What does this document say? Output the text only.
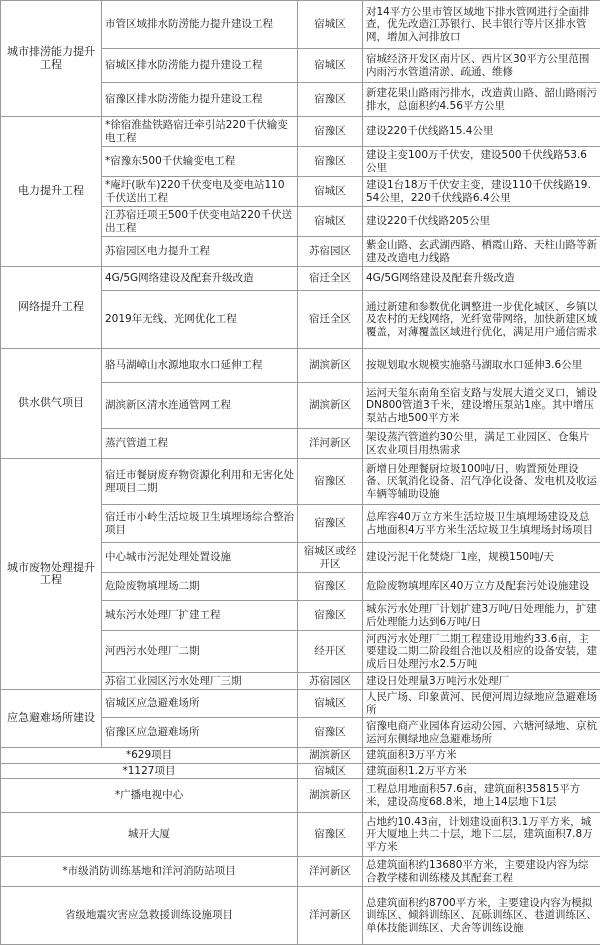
城市排涝能力提升工程	市管区域排水防涝能力提升建设工程	宿城区	对14平方公里市管区域地下排水管网进行全面排查，优先改造江苏银行、民丰银行等片区排水管网，增加入河排放口
	宿城区排水防涝能力提升建设工程	宿城区	宿城经济开发区南片区、西片区30平方公里范围内雨污水管道清淤、疏通、维修
	宿豫区排水防涝能力提升建设工程	宿豫区	新建花果山路雨污排水，改造黄山路、韶山路雨污排水，总面积约4.56平方公里
电力提升工程	*徐宿淮盐铁路宿迁牵引站220千伏输变电工程	宿豫区	建设220千伏线路15.4公里
	*宿豫东500千伏输变电工程	宿豫区	建设主变100万千伏安，建设500千伏线路53.6公里
	*庵圩(耿车)220千伏变电及变电站110千伏送出工程	宿城区	建设1台18万千伏安主变，建设110千伏线路19.54公里，220千伏线路6.4公里
	江苏宿迁项王500千伏变电站220千伏送出工程	宿城区	建设220千伏线路205公里
	苏宿园区电力提升工程	苏宿园区	紫金山路、玄武湖西路、栖霞山路、天柱山路等新建及改造电力线路
网络提升工程	4G/5G网络建设及配套升级改造	宿迁全区	4G/5G网络建设及配套升级改造
	2019年无线、光网优化工程	宿迁全区	通过新建和参数优化调整进一步优化城区、乡镇以及农村的无线网络，光纤宽带网络，加快新建区域覆盖，对薄覆盖区域进行优化，满足用户通信需求
供水供气项目	骆马湖嶂山水源地取水口延伸工程	湖滨新区	按规划取水规模实施骆马湖取水口延伸3.6公里
	湖滨新区清水连通管网工程	湖滨新区	运河天玺东南角至宿支路与发展大道交叉口，铺设DN800管道3千米，建设增压泵站1座。其中增压泵站占地500平方米
	蒸汽管道工程	洋河新区	架设蒸汽管道约30公里，满足工业园区、仓集片区农业项目用热需求
城市废物处理提升工程	宿迁市餐厨废弃物资源化利用和无害化处理项目二期	宿豫区	新增日处理餐厨垃圾100吨/日，购置预处理设备、厌氧消化设备、沼气净化设备、发电机及收运车辆等辅助设施
	宿迁市小岭生活垃圾卫生填埋场综合整治项目	宿豫区	总库容40万立方米生活垃圾卫生填埋场建设及总占地面积4万平方米生活垃圾卫生填埋场封场项目
	中心城市污泥处理处置设施	宿城区或经开区	建设污泥干化焚烧厂1座，规模150吨/天
	危险废物填埋场二期	宿豫区	危险废物填埋库区40万立方及配套污处设施建设
	城东污水处理厂扩建工程	宿豫区	城东污水处理厂计划扩建3万吨/日处理能力，扩建后处理能力达到6万吨/日
	河西污水处理厂二期	经开区	河西污水处理厂二期工程建设用地约33.6亩，主要建设二期二阶段组合池以及相应的设备安装，建成后日处理污水2.5万吨
	苏宿工业园区污水处理厂三期	苏宿园区	建设日处理量3万吨污水处理厂
应急避难场所建设	宿城区应急避难场所	宿城区	人民广场、印象黄河、民便河周边绿地应急避难场所
	宿豫区应急避难场所	宿豫区	宿豫电商产业园体育运动公园、六塘河绿地、京杭运河东侧绿地应急避难场所
*629项目		湖滨新区	建筑面积3万平方米
*1127项目		宿城区	建筑面积1.2万平方米
*广播电视中心		湖滨新区	工程总用地面积57.6亩，建筑面积35815平方米，建设高度68.8米，地上14层地下1层
城开大厦		宿豫区	占地约10.43亩，计划建设面积3.1万平方米，城开大厦地上共二十层，地下二层，建筑面积7.8万平方米
*市级消防训练基地和洋河消防站项目		洋河新区	总建筑面积约13680平方米，主要建设内容为综合教学楼和训练楼及其配套工程
省级地震灾害应急救援训练设施项目		洋河新区	总建筑面积约8700平方米，主要建设内容为模拟训练区、倾斜训练区、瓦砾训练区、巷道训练区、单体技能训练区、犬舍等训练设施
